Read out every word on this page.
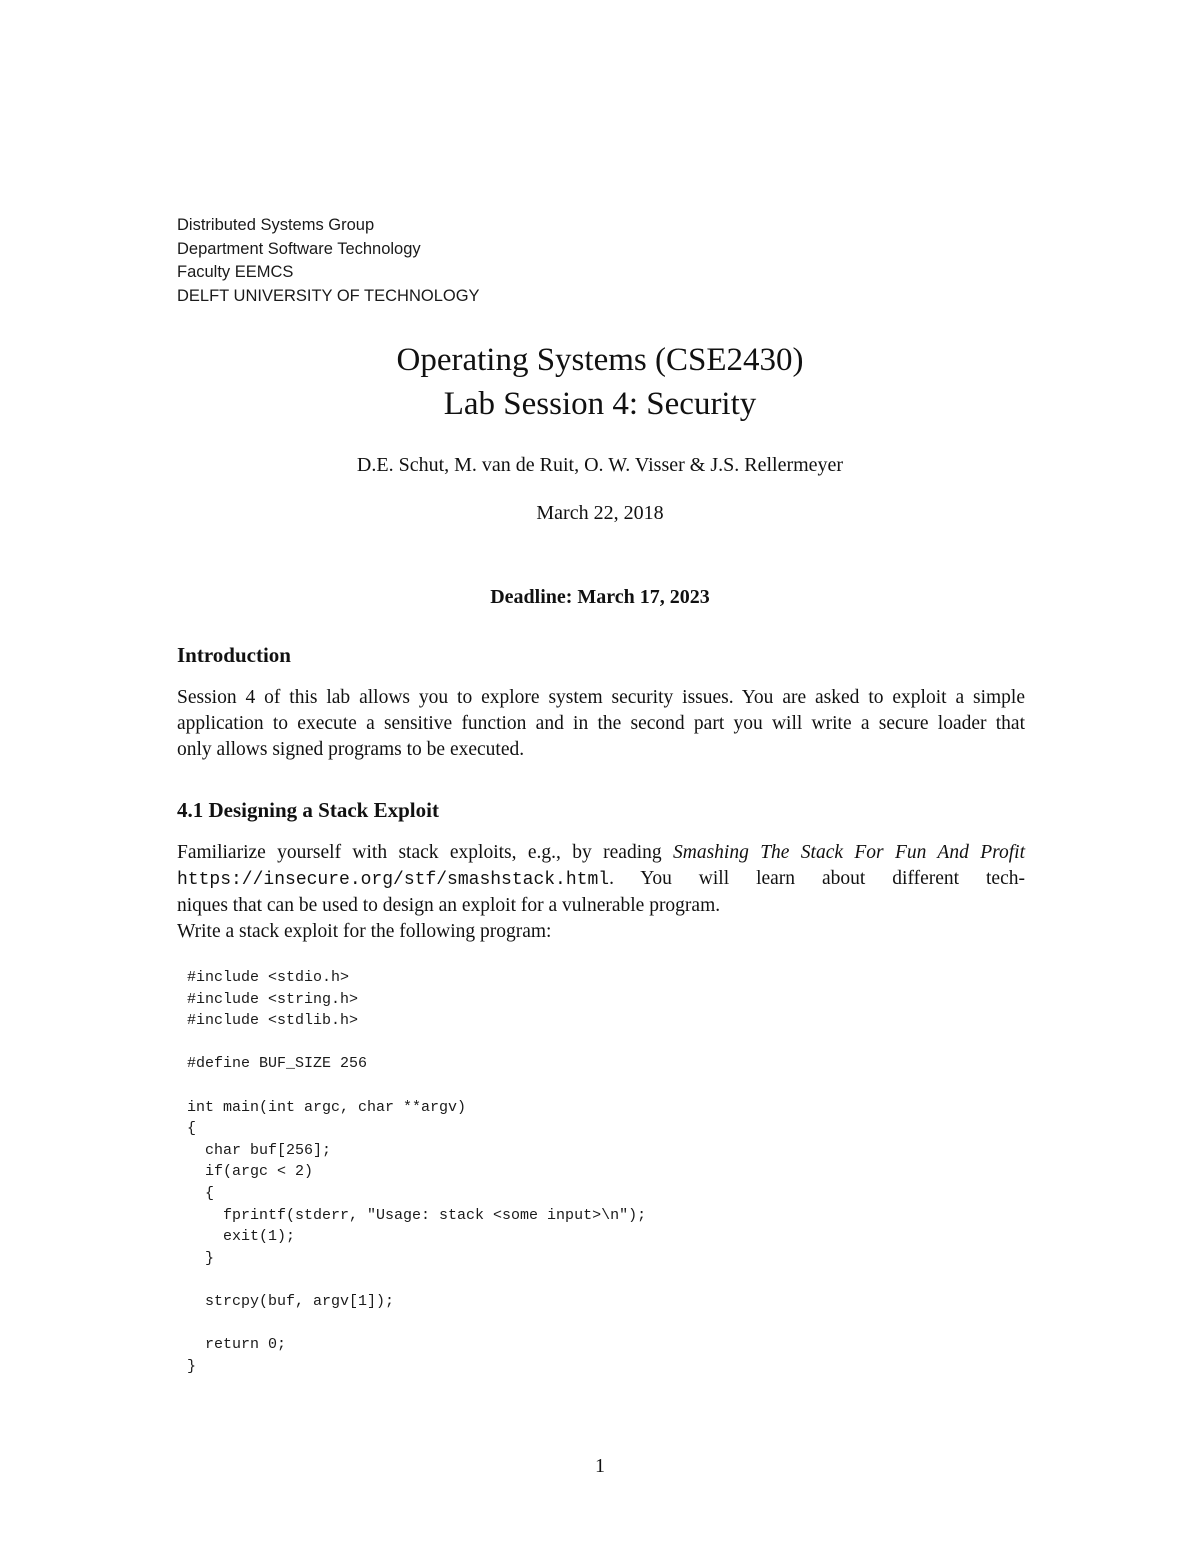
Distributed Systems Group
Department Software Technology
Faculty EEMCS
DELFT UNIVERSITY OF TECHNOLOGY
Operating Systems (CSE2430)
Lab Session 4: Security
D.E. Schut, M. van de Ruit, O. W. Visser & J.S. Rellermeyer
March 22, 2018
Deadline: March 17, 2023
Introduction
Session 4 of this lab allows you to explore system security issues. You are asked to exploit a simple
application to execute a sensitive function and in the second part you will write a secure loader that
only allows signed programs to be executed.
4.1 Designing a Stack Exploit
Familiarize yourself with stack exploits, e.g., by reading Smashing The Stack For Fun And Profit
https://insecure.org/stf/smashstack.html. You will learn about different tech-
niques that can be used to design an exploit for a vulnerable program.
Write a stack exploit for the following program:
#include <stdio.h>
#include <string.h>
#include <stdlib.h>
#define BUF_SIZE 256
int main(int argc, char **argv)
{
char buf[256];
if(argc < 2)
{
fprintf(stderr, "Usage: stack <some input>\n");
exit(1);
}
strcpy(buf, argv[1]);
return 0;
}
1
